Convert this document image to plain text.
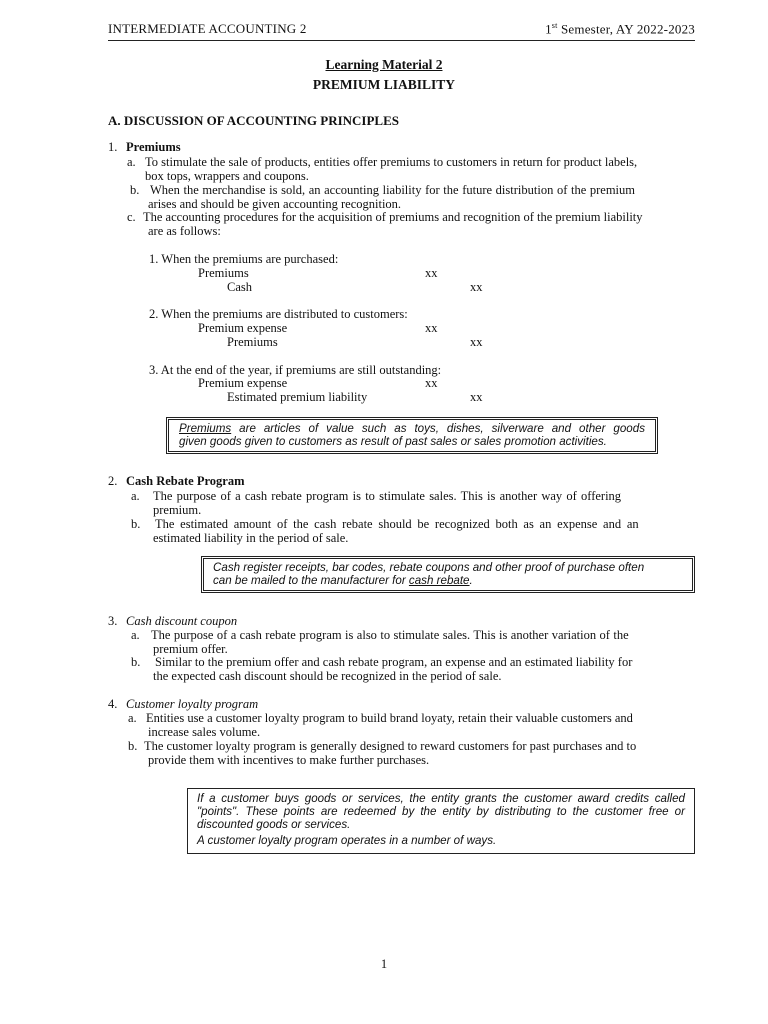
INTERMEDIATE ACCOUNTING 2	1st Semester, AY 2022-2023
Learning Material 2
PREMIUM LIABILITY
A. DISCUSSION OF ACCOUNTING PRINCIPLES
1. Premiums
a. To stimulate the sale of products, entities offer premiums to customers in return for product labels,
box tops, wrappers and coupons.
b. When the merchandise is sold, an accounting liability for the future distribution of the premium
arises and should be given accounting recognition.
c. The accounting procedures for the acquisition of premiums and recognition of the premium liability
are as follows:
1. When the premiums are purchased:
Premiums	xx
Cash	xx
2. When the premiums are distributed to customers:
Premium expense	xx
Premiums	xx
3. At the end of the year, if premiums are still outstanding:
Premium expense	xx
Estimated premium liability	xx

Premiums are articles of value such as toys, dishes, silverware and other goods

given goods given to customers as result of past sales or sales promotion activities.

2. Cash Rebate Program
a. The purpose of a cash rebate program is to stimulate sales. This is another way of offering
premium.
b. The estimated amount of the cash rebate should be recognized both as an expense and an
estimated liability in the period of sale.

Cash register receipts, bar codes, rebate coupons and other proof of purchase often

can be mailed to the manufacturer for cash rebate.

3. Cash discount coupon
a. The purpose of a cash rebate program is also to stimulate sales. This is another variation of the
premium offer.
b. Similar to the premium offer and cash rebate program, an expense and an estimated liability for
the expected cash discount should be recognized in the period of sale.
4. Customer loyalty program
a. Entities use a customer loyalty program to build brand loyaty, retain their valuable customers and
increase sales volume.
b. The customer loyalty program is generally designed to reward customers for past purchases and to
provide them with incentives to make further purchases.

If a customer buys goods or services, the entity grants the customer award credits called "points". These points are redeemed by the entity by distributing to the customer free or discounted goods or services.

A customer loyalty program operates in a number of ways.

1
